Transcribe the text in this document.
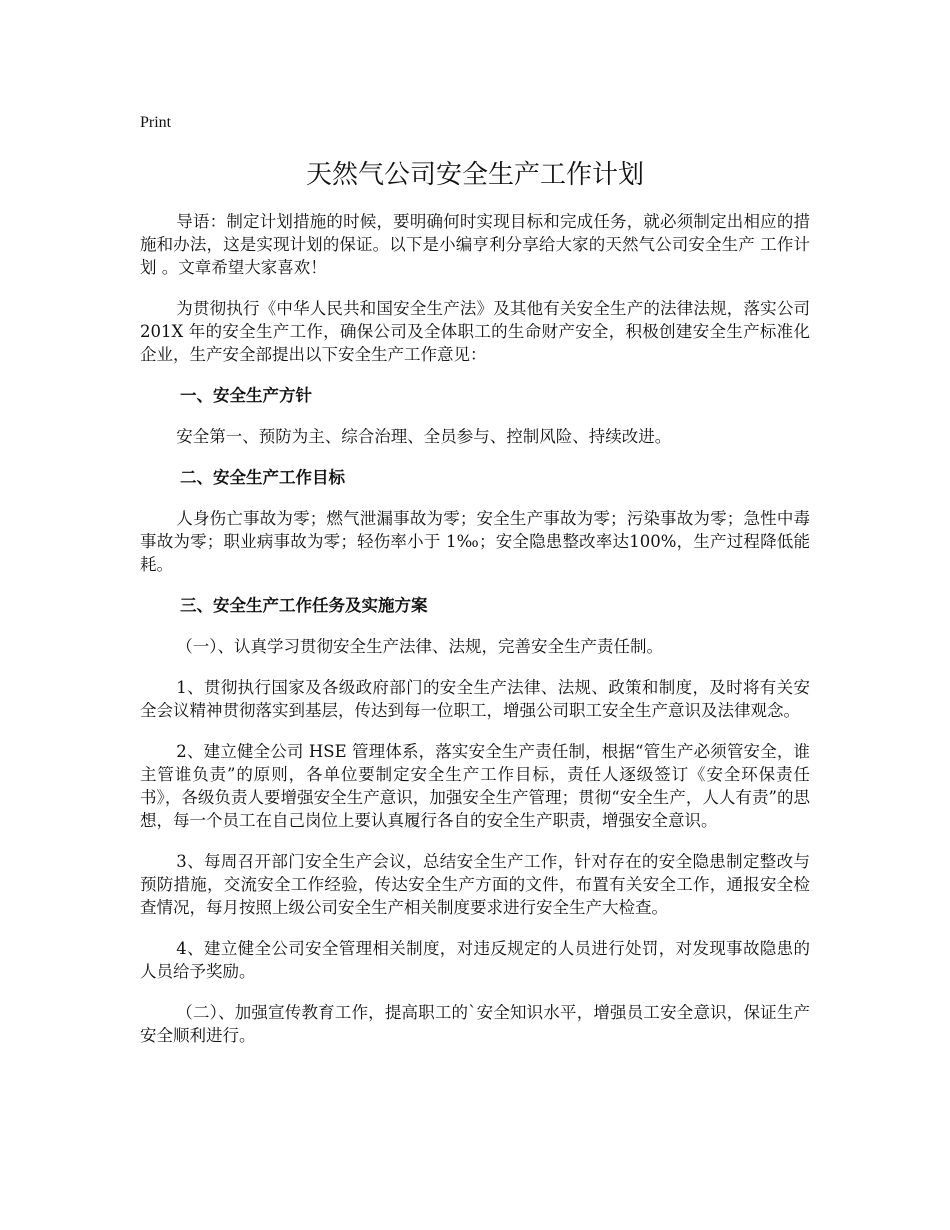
Print
天然气公司安全生产工作计划

导语：制定计划措施的时候，要明确何时实现目标和完成任务，就必须制定出相应的措施和办法，这是实现计划的保证。以下是小编亨利分享给大家的天然气公司安全生产 工作计划 。文章希望大家喜欢！

为贯彻执行《中华人民共和国安全生产法》及其他有关安全生产的法律法规，落实公司 201X 年的安全生产工作，确保公司及全体职工的生命财产安全，积极创建安全生产标准化企业，生产安全部提出以下安全生产工作意见：

一、安全生产方针

安全第一、预防为主、综合治理、全员参与、控制风险、持续改进。

二、安全生产工作目标

人身伤亡事故为零；燃气泄漏事故为零；安全生产事故为零；污染事故为零；急性中毒事故为零；职业病事故为零；轻伤率小于 1‰；安全隐患整改率达100%，生产过程降低能耗。

三、安全生产工作任务及实施方案

（一）、认真学习贯彻安全生产法律、法规，完善安全生产责任制。

1、贯彻执行国家及各级政府部门的安全生产法律、法规、政策和制度，及时将有关安全会议精神贯彻落实到基层，传达到每一位职工，增强公司职工安全生产意识及法律观念。

2、建立健全公司 HSE 管理体系，落实安全生产责任制，根据“管生产必须管安全，谁主管谁负责”的原则，各单位要制定安全生产工作目标，责任人逐级签订《安全环保责任书》，各级负责人要增强安全生产意识，加强安全生产管理；贯彻“安全生产，人人有责”的思想，每一个员工在自己岗位上要认真履行各自的安全生产职责，增强安全意识。

3、每周召开部门安全生产会议，总结安全生产工作，针对存在的安全隐患制定整改与预防措施，交流安全工作经验，传达安全生产方面的文件，布置有关安全工作，通报安全检查情况，每月按照上级公司安全生产相关制度要求进行安全生产大检查。

4、建立健全公司安全管理相关制度，对违反规定的人员进行处罚，对发现事故隐患的人员给予奖励。

（二）、加强宣传教育工作，提高职工的`安全知识水平，增强员工安全意识，保证生产安全顺利进行。
